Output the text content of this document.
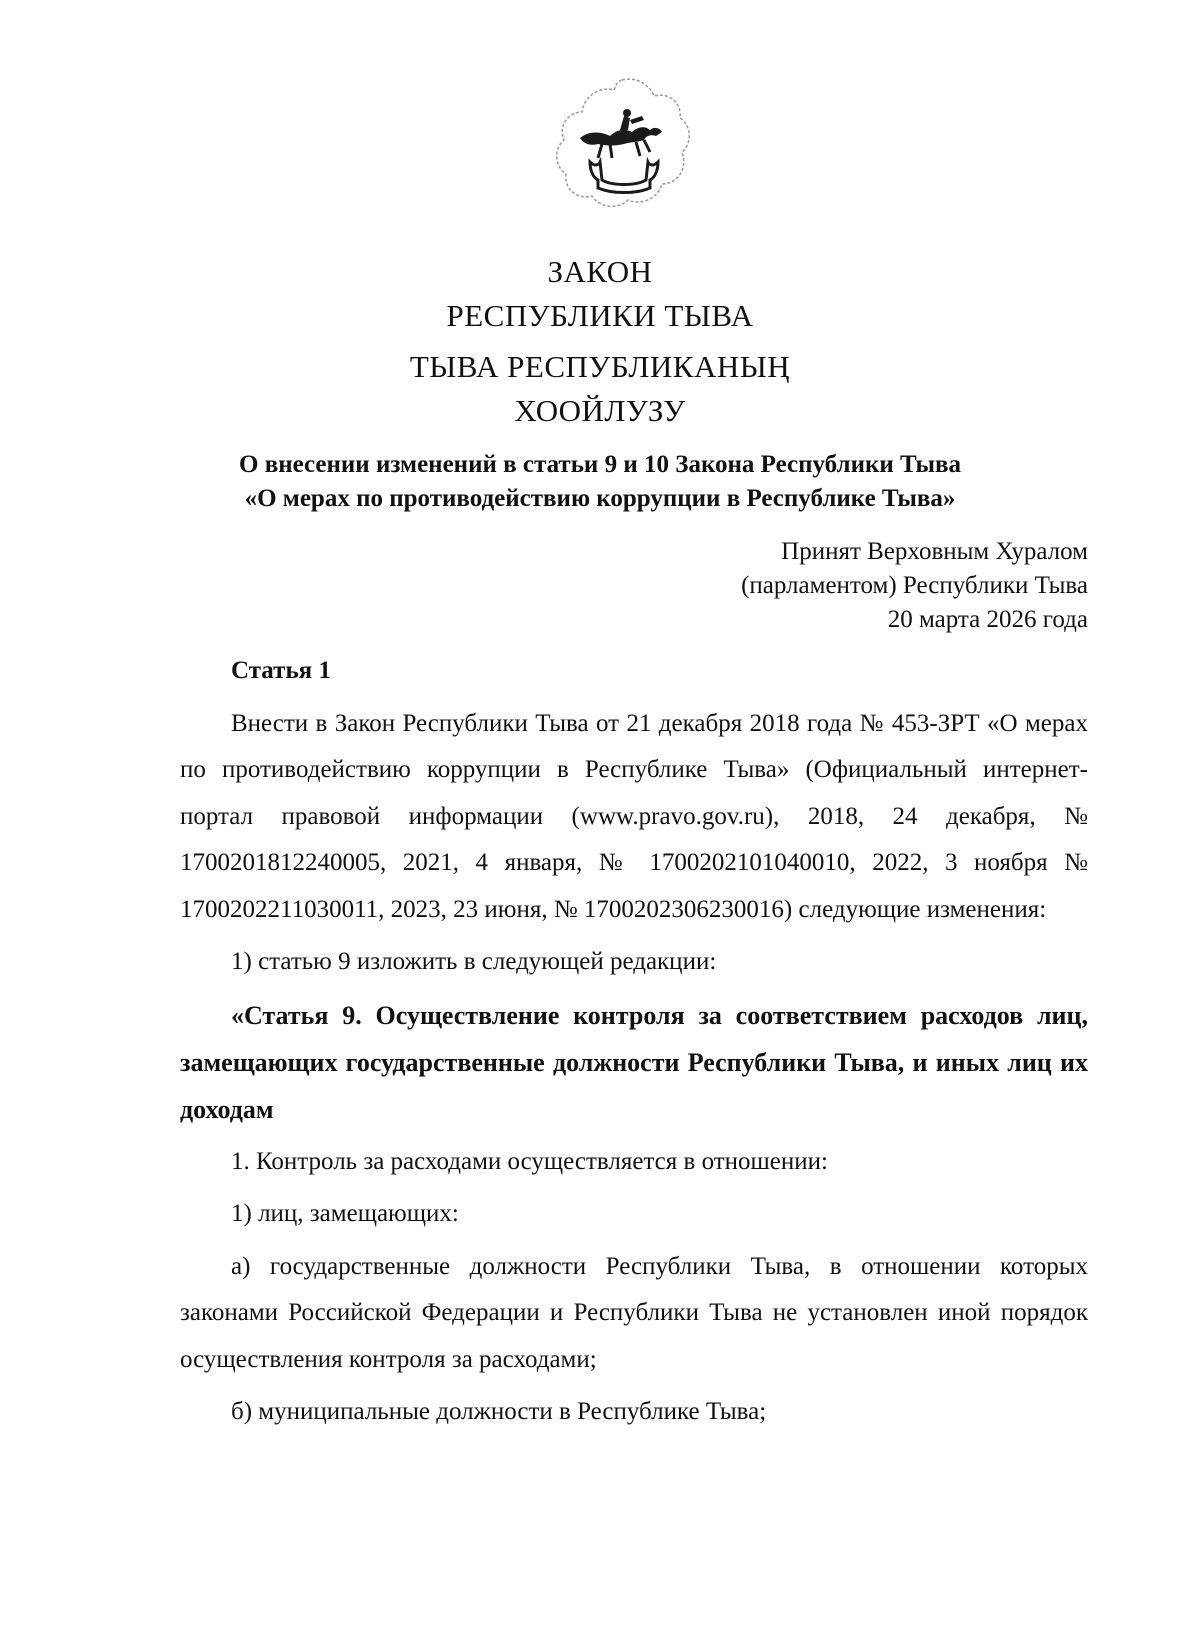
ЗАКОН
РЕСПУБЛИКИ ТЫВА
ТЫВА РЕСПУБЛИКАНЫҢ
ХООЙЛУЗУ
О внесении изменений в статьи 9 и 10 Закона Республики Тыва
«О мерах по противодействию коррупции в Республике Тыва»
Принят Верховным Хуралом
(парламентом) Республики Тыва
20 марта 2026 года

Статья 1

Внести в Закон Республики Тыва от 21 декабря 2018 года № 453-ЗРТ «О мерах по противодействию коррупции в Республике Тыва» (Официальный интернет-портал правовой информации (www.pravo.gov.ru), 2018, 24 декабря, № 1700201812240005, 2021, 4 января, № 1700202101040010, 2022, 3 ноября № 1700202211030011, 2023, 23 июня, № 1700202306230016) следующие изменения:

1) статью 9 изложить в следующей редакции:

«Статья 9. Осуществление контроля за соответствием расходов лиц, замещающих государственные должности Республики Тыва, и иных лиц их доходам

1. Контроль за расходами осуществляется в отношении:

1) лиц, замещающих:

а) государственные должности Республики Тыва, в отношении которых законами Российской Федерации и Республики Тыва не установлен иной порядок осуществления контроля за расходами;

б) муниципальные должности в Республике Тыва;
